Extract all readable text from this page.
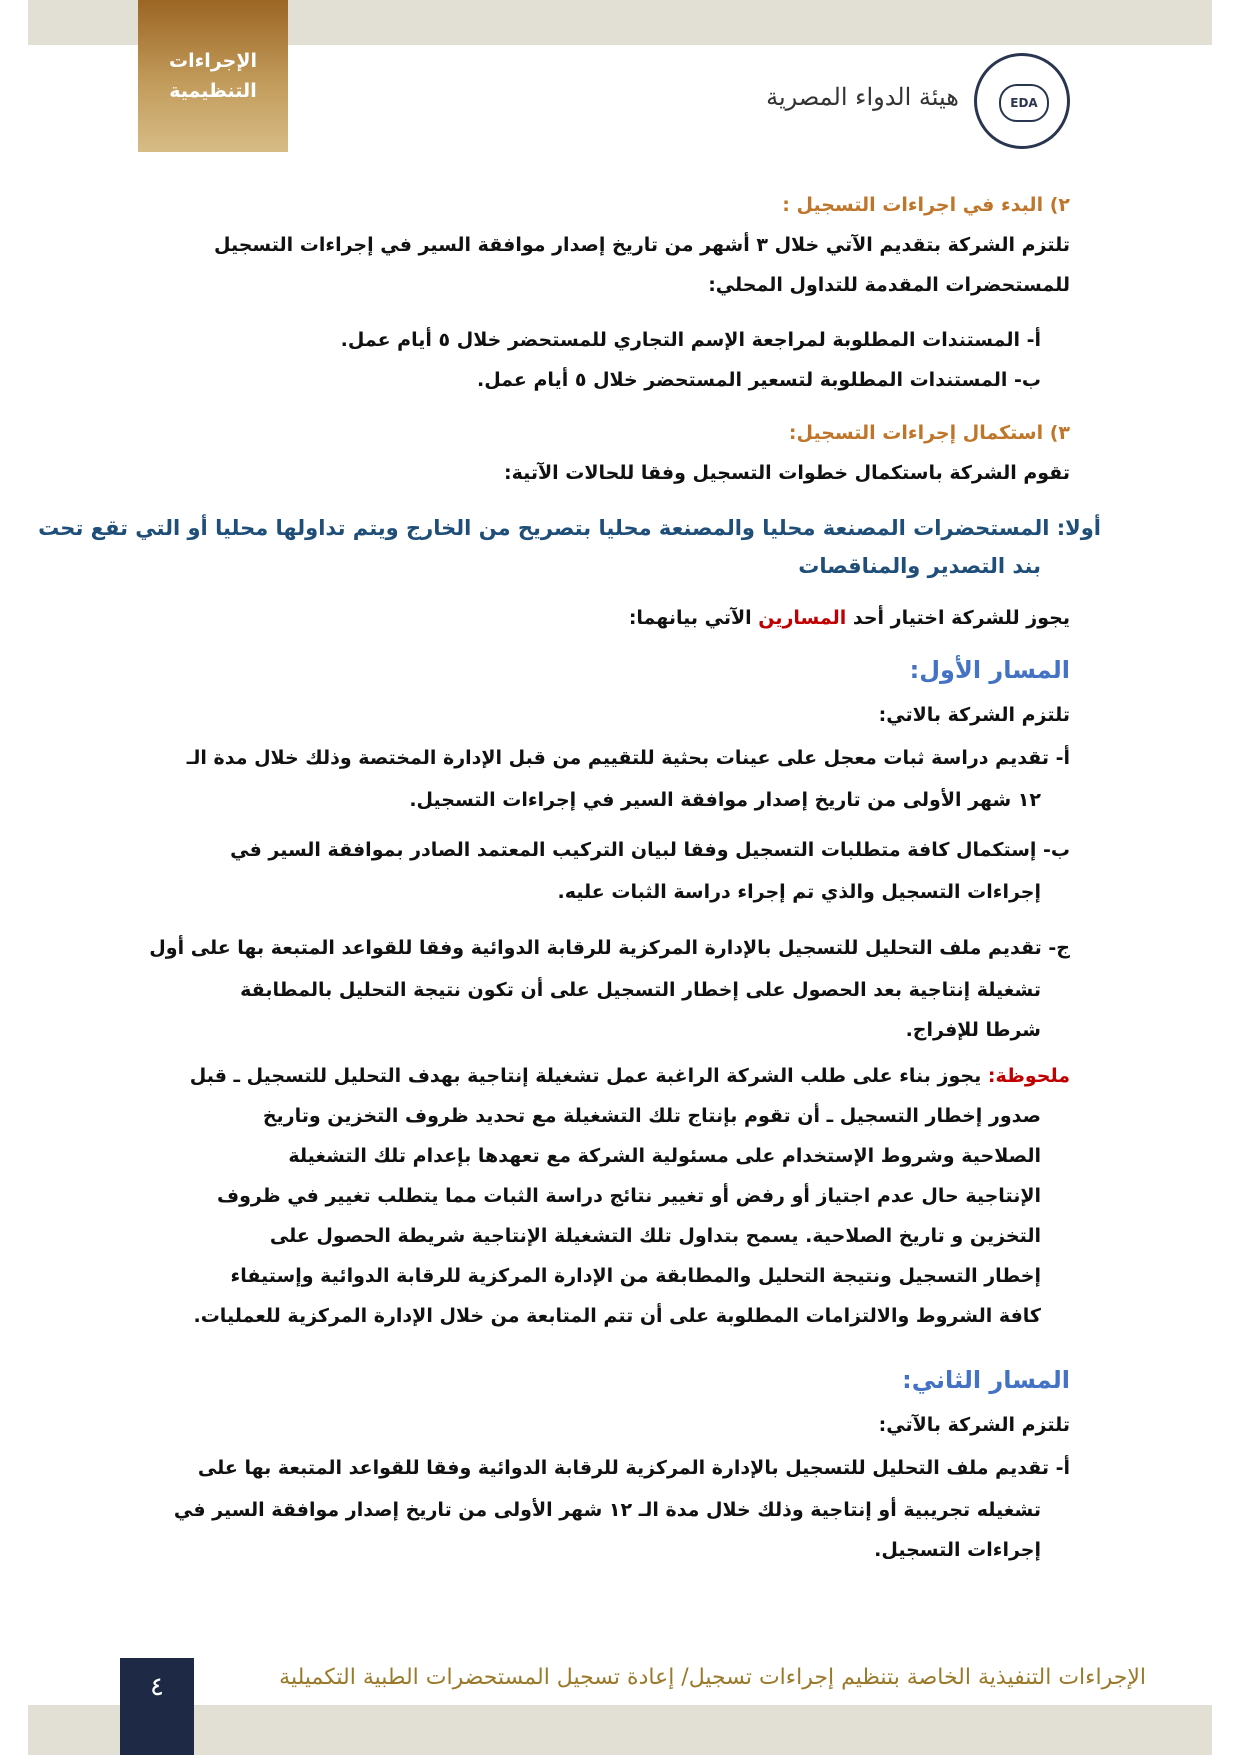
الإجراءات
التنظيمية	هيئة الدواء المصرية	EDA
٢) البدء في اجراءات التسجيل :
تلتزم الشركة بتقديم الآتي خلال ٣ أشهر من تاريخ إصدار موافقة السير في إجراءات التسجيل
للمستحضرات المقدمة للتداول المحلي:
أ- المستندات المطلوبة لمراجعة الإسم التجاري للمستحضر خلال ٥ أيام عمل.
ب- المستندات المطلوبة لتسعير المستحضر خلال ٥ أيام عمل.
٣) استكمال إجراءات التسجيل:
تقوم الشركة باستكمال خطوات التسجيل وفقا للحالات الآتية:
أولا: المستحضرات المصنعة محليا والمصنعة محليا بتصريح من الخارج ويتم تداولها محليا أو التي تقع تحت
بند التصدير والمناقصات
يجوز للشركة اختيار أحد المسارين الآتي بيانهما:
المسار الأول:
تلتزم الشركة بالاتي:
أ- تقديم دراسة ثبات معجل على عينات بحثية للتقييم من قبل الإدارة المختصة وذلك خلال مدة الـ
١٢ شهر الأولى من تاريخ إصدار موافقة السير في إجراءات التسجيل.
ب- إستكمال كافة متطلبات التسجيل وفقا لبيان التركيب المعتمد الصادر بموافقة السير في
إجراءات التسجيل والذي تم إجراء دراسة الثبات عليه.
ج- تقديم ملف التحليل للتسجيل بالإدارة المركزية للرقابة الدوائية وفقا للقواعد المتبعة بها على أول
تشغيلة إنتاجية بعد الحصول على إخطار التسجيل على أن تكون نتيجة التحليل بالمطابقة
شرطا للإفراج.
ملحوظة: يجوز بناء على طلب الشركة الراغبة عمل تشغيلة إنتاجية بهدف التحليل للتسجيل ـ قبل
صدور إخطار التسجيل ـ أن تقوم بإنتاج تلك التشغيلة مع تحديد ظروف التخزين وتاريخ
الصلاحية وشروط الإستخدام على مسئولية الشركة مع تعهدها بإعدام تلك التشغيلة
الإنتاجية حال عدم اجتياز أو رفض أو تغيير نتائج دراسة الثبات مما يتطلب تغيير في ظروف
التخزين و تاريخ الصلاحية. يسمح بتداول تلك التشغيلة الإنتاجية شريطة الحصول على
إخطار التسجيل ونتيجة التحليل والمطابقة من الإدارة المركزية للرقابة الدوائية وإستيفاء
كافة الشروط والالتزامات المطلوبة على أن تتم المتابعة من خلال الإدارة المركزية للعمليات.
المسار الثاني:
تلتزم الشركة بالآتي:
أ- تقديم ملف التحليل للتسجيل بالإدارة المركزية للرقابة الدوائية وفقا للقواعد المتبعة بها على
تشغيله تجريبية أو إنتاجية وذلك خلال مدة الـ ١٢ شهر الأولى من تاريخ إصدار موافقة السير في
إجراءات التسجيل.
٤	الإجراءات التنفيذية الخاصة بتنظيم إجراءات تسجيل/ إعادة تسجيل المستحضرات الطبية التكميلية
